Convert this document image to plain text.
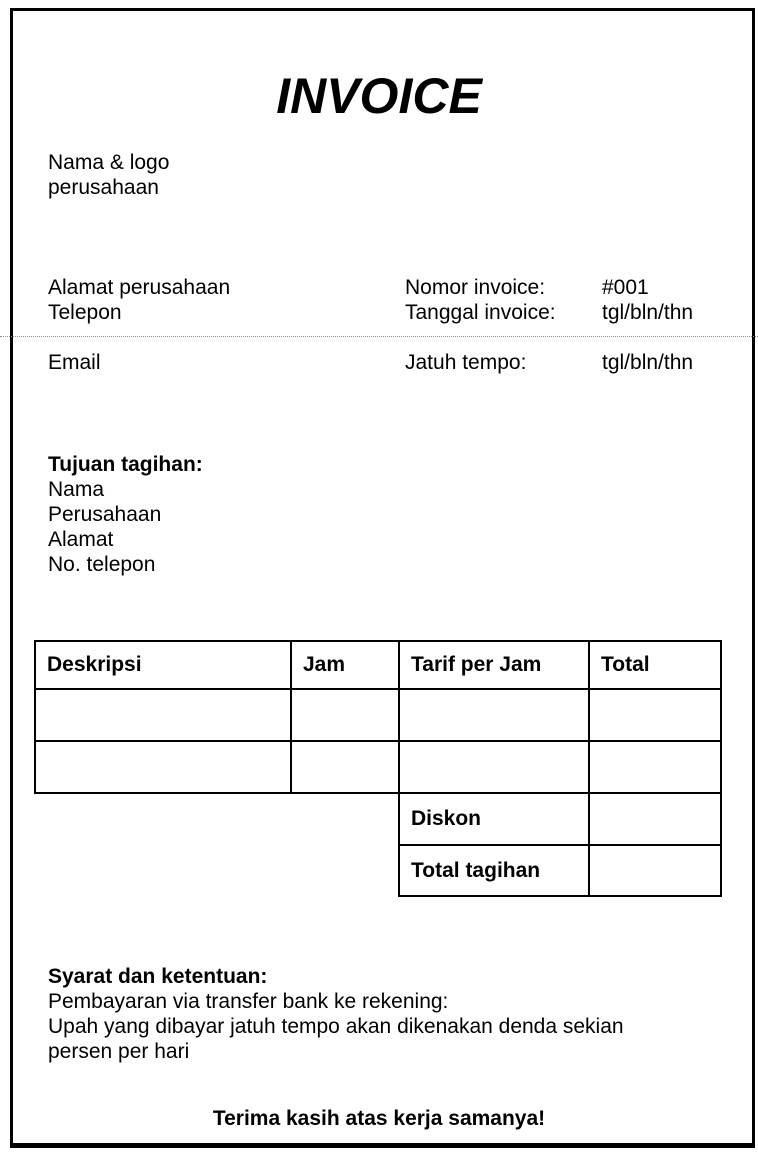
INVOICE
Nama & logo perusahaan
Alamat perusahaan	Nomor invoice:	#001
Telepon	Tanggal invoice: tgl/bln/thn
Email	Jatuh tempo:	tgl/bln/thn
Tujuan tagihan:
Nama
Perusahaan
Alamat
No. telepon
Deskripsi	Jam	Tarif per Jam	Total
Diskon
Total tagihan
Syarat dan ketentuan:
Pembayaran via transfer bank ke rekening:
Upah yang dibayar jatuh tempo akan dikenakan denda sekian persen per hari
Terima kasih atas kerja samanya!
